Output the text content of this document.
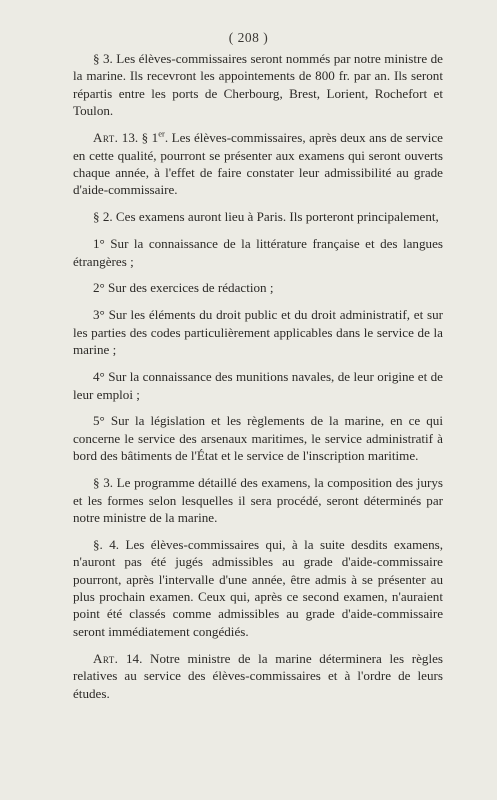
( 208 )

§ 3. Les élèves-commissaires seront nommés par notre ministre de la marine. Ils recevront les appointements de 800 fr. par an. Ils seront répartis entre les ports de Cherbourg, Brest, Lorient, Rochefort et Toulon.

Art. 13. § 1er. Les élèves-commissaires, après deux ans de service en cette qualité, pourront se présenter aux examens qui seront ouverts chaque année, à l'effet de faire constater leur admissibilité au grade d'aide-commissaire.

§ 2. Ces examens auront lieu à Paris. Ils porteront principalement,

1° Sur la connaissance de la littérature française et des langues étrangères ;

2° Sur des exercices de rédaction ;

3° Sur les éléments du droit public et du droit administratif, et sur les parties des codes particulièrement applicables dans le service de la marine ;

4° Sur la connaissance des munitions navales, de leur origine et de leur emploi ;

5° Sur la législation et les règlements de la marine, en ce qui concerne le service des arsenaux maritimes, le service administratif à bord des bâtiments de l'État et le service de l'inscription maritime.

§ 3. Le programme détaillé des examens, la composition des jurys et les formes selon lesquelles il sera procédé, seront déterminés par notre ministre de la marine.

§. 4. Les élèves-commissaires qui, à la suite desdits examens, n'auront pas été jugés admissibles au grade d'aide-commissaire pourront, après l'intervalle d'une année, être admis à se présenter au plus prochain examen. Ceux qui, après ce second examen, n'auraient point été classés comme admissibles au grade d'aide-commissaire seront immédiatement congédiés.

Art. 14. Notre ministre de la marine déterminera les règles relatives au service des élèves-commissaires et à l'ordre de leurs études.
